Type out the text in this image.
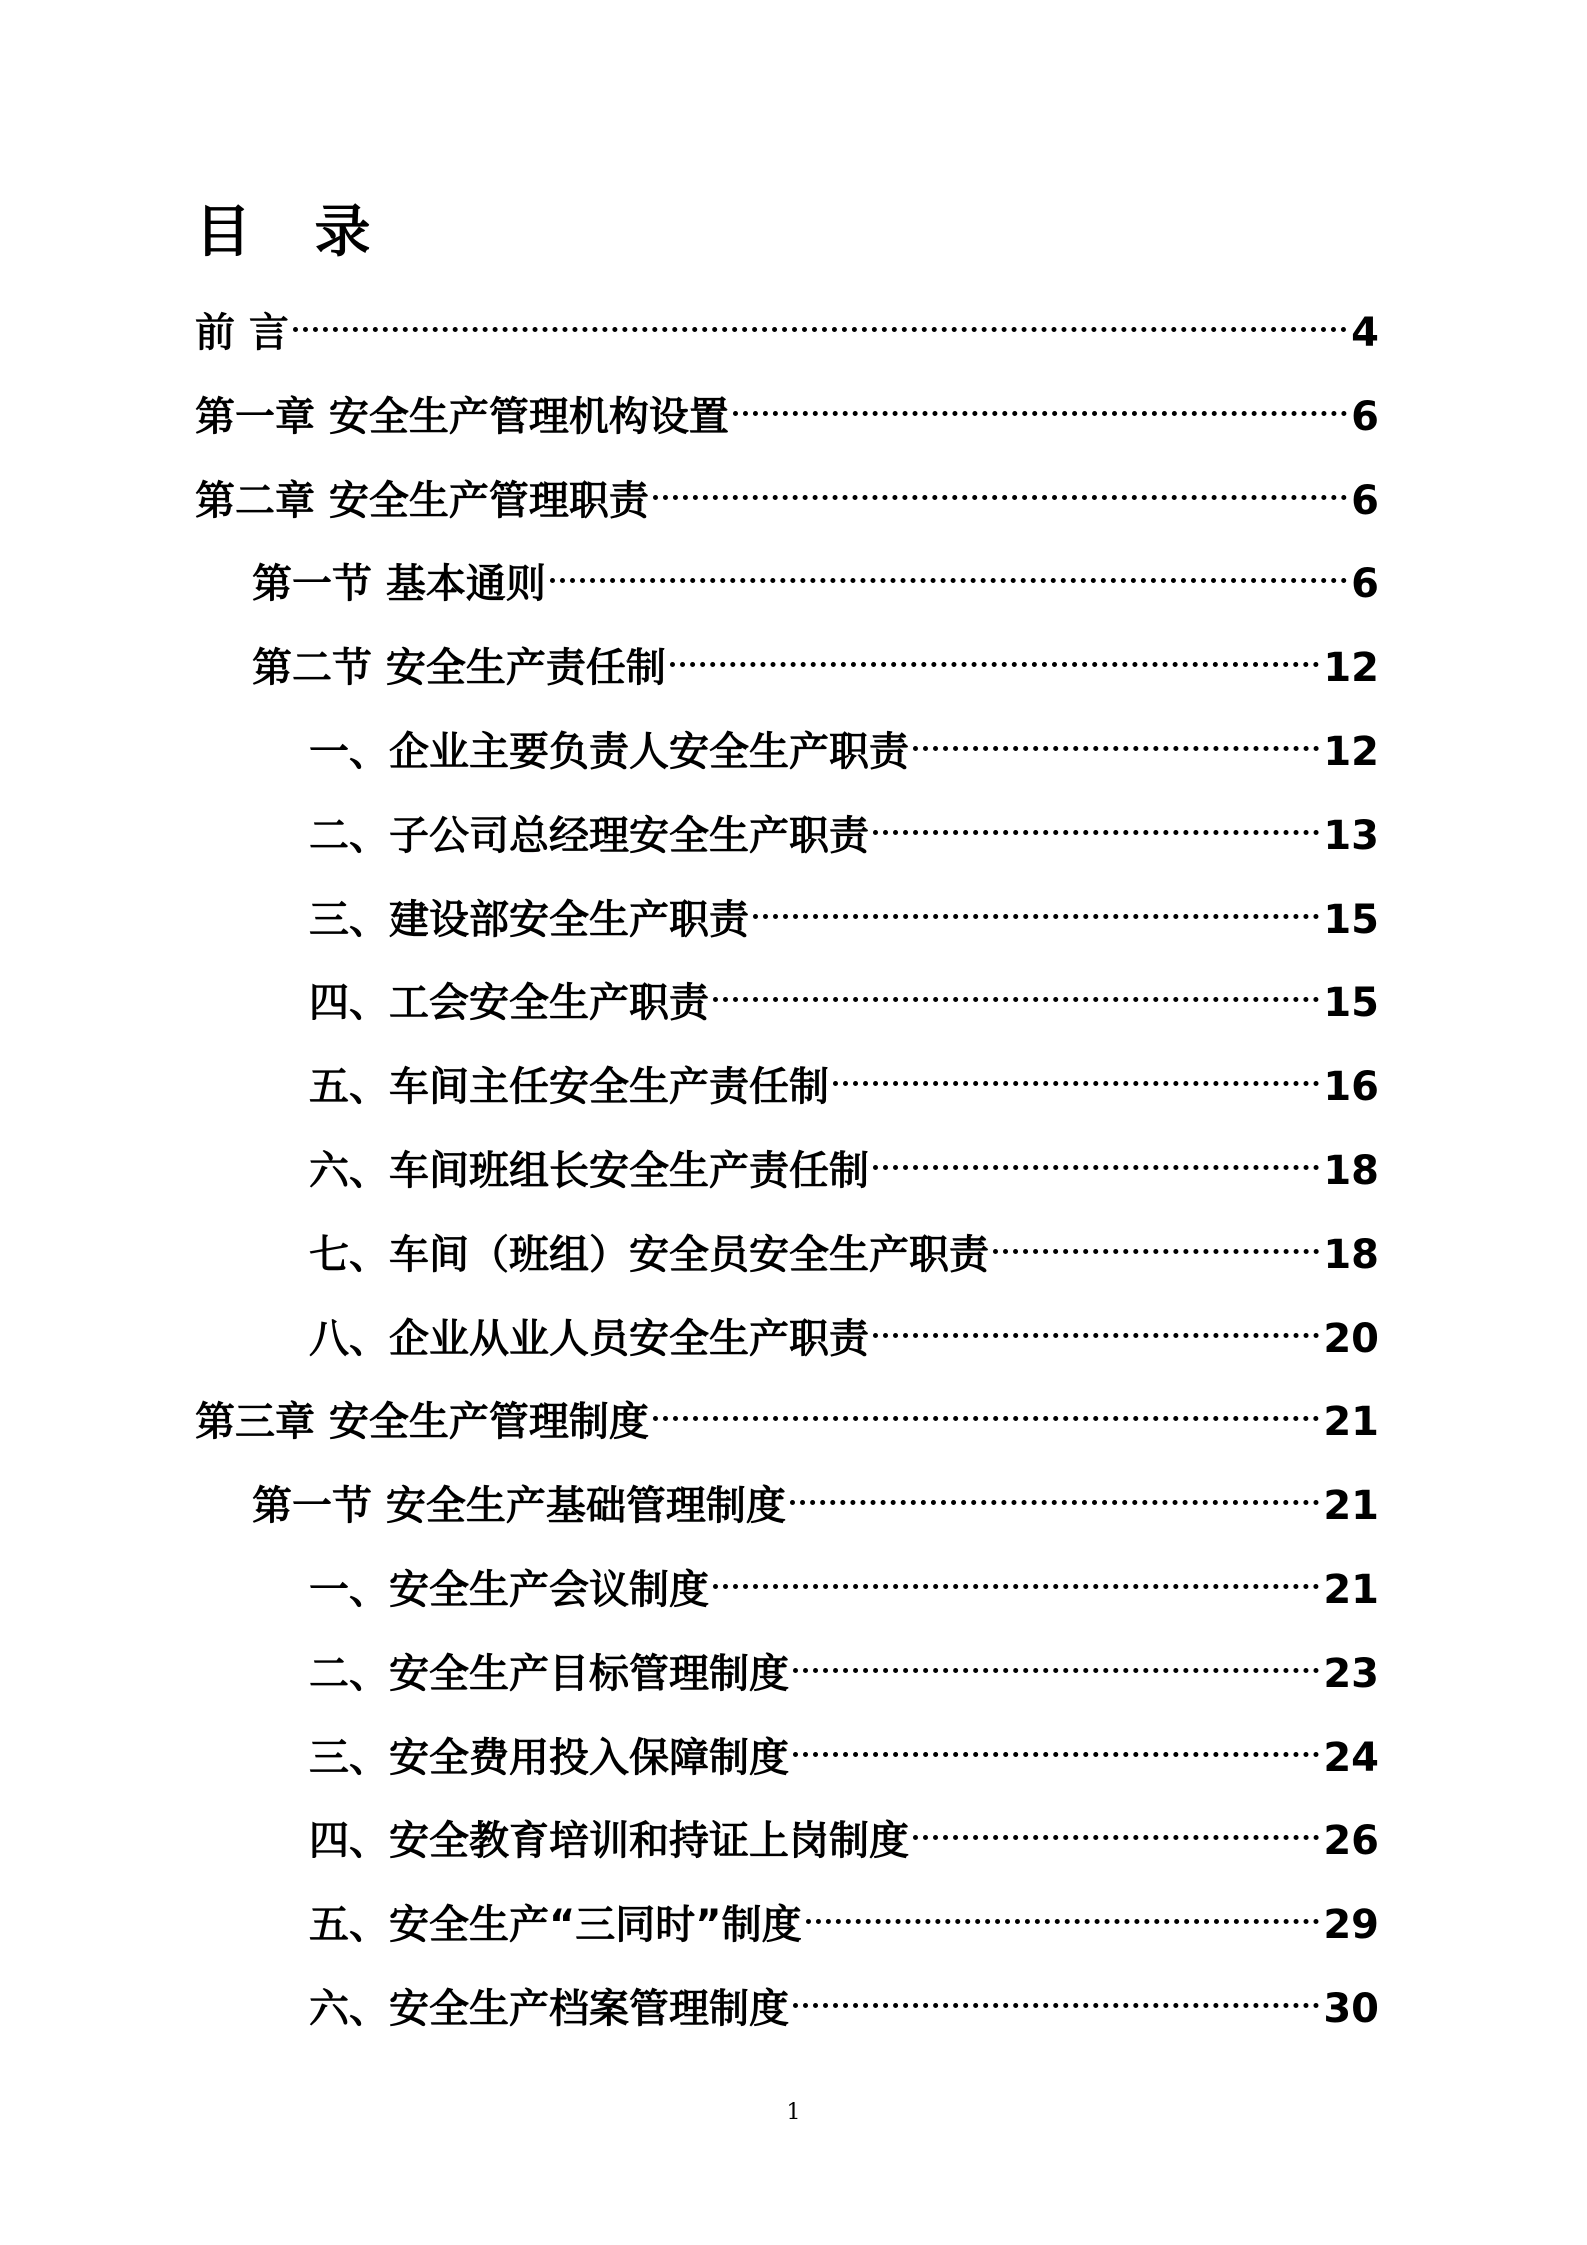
目 录
前 言	4
第一章 安全生产管理机构设置	6
第二章 安全生产管理职责	6
第一节 基本通则	6
第二节 安全生产责任制	12
一、企业主要负责人安全生产职责	12
二、子公司总经理安全生产职责	13
三、建设部安全生产职责	15
四、工会安全生产职责	15
五、车间主任安全生产责任制	16
六、车间班组长安全生产责任制	18
七、车间（班组）安全员安全生产职责	18
八、企业从业人员安全生产职责	20
第三章 安全生产管理制度	21
第一节 安全生产基础管理制度	21
一、安全生产会议制度	21
二、安全生产目标管理制度	23
三、安全费用投入保障制度	24
四、安全教育培训和持证上岗制度	26
五、安全生产“三同时”制度	29
六、安全生产档案管理制度	30
1
